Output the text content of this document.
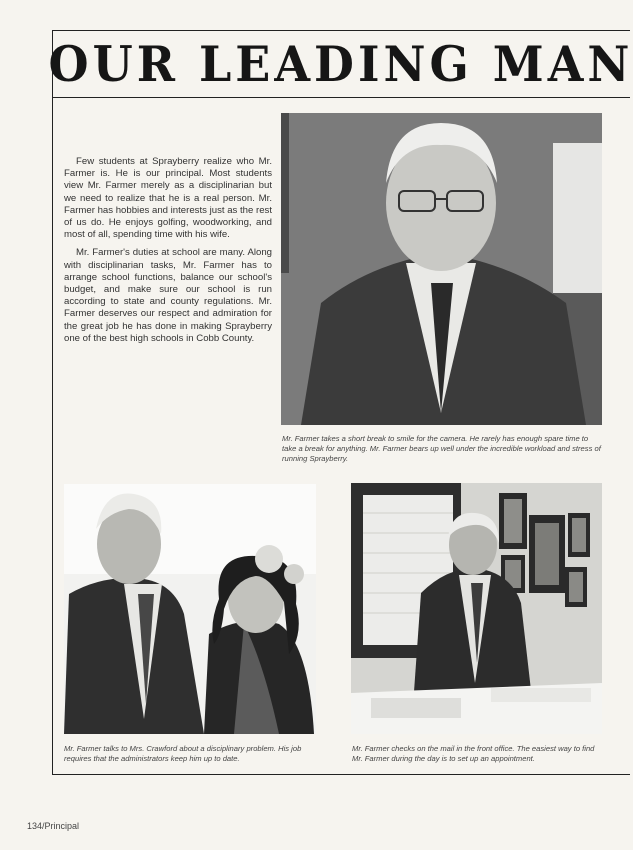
OUR LEADING MAN

Few students at Sprayberry realize who Mr. Farmer is. He is our principal. Most students view Mr. Farmer merely as a disciplinarian but we need to realize that he is a real person. Mr. Farmer has hobbies and interests just as the rest of us do. He enjoys golfing, woodworking, and most of all, spending time with his wife.

Mr. Farmer's duties at school are many. Along with disciplinarian tasks, Mr. Farmer has to arrange school functions, balance our school's budget, and make sure our school is run according to state and county regulations. Mr. Farmer deserves our respect and admiration for the great job he has done in making Sprayberry one of the best high schools in Cobb County.

Mr. Farmer takes a short break to smile for the camera. He rarely has enough spare time to take a break for anything. Mr. Farmer bears up well under the incredible workload and stress of running Sprayberry.
Mr. Farmer talks to Mrs. Crawford about a disciplinary problem. His job requires that the administrators keep him up to date.
Mr. Farmer checks on the mail in the front office. The easiest way to find Mr. Farmer during the day is to set up an appointment.
134/Principal
